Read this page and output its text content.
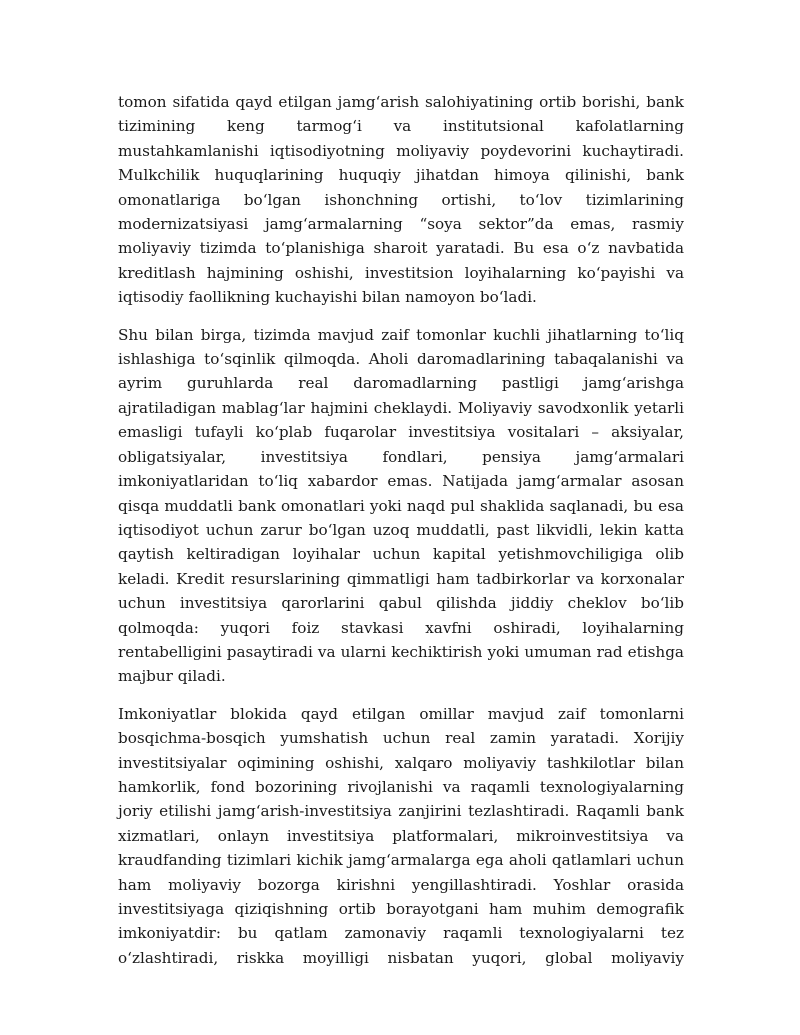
tomon sifatida qayd etilgan jamg‘arish salohiyatining ortib borishi, bank tizimining keng tarmog‘i va institutsional kafolatlarning mustahkamlanishi iqtisodiyotning moliyaviy poydevorini kuchaytiradi. Mulkchilik huquqlarining huquqiy jihatdan himoya qilinishi, bank omonatlariga bo‘lgan ishonchning ortishi, to‘lov tizimlarining modernizatsiyasi jamg‘armalarning “soya sektor”da emas, rasmiy moliyaviy tizimda to‘planishiga sharoit yaratadi. Bu esa o‘z navbatida kreditlash hajmining oshishi, investitsion loyihalarning ko‘payishi va iqtisodiy faollikning kuchayishi bilan namoyon bo‘ladi.

Shu bilan birga, tizimda mavjud zaif tomonlar kuchli jihatlarning to‘liq ishlashiga to‘sqinlik qilmoqda. Aholi daromadlarining tabaqalanishi va ayrim guruhlarda real daromadlarning pastligi jamg‘arishga ajratiladigan mablag‘lar hajmini cheklaydi. Moliyaviy savodxonlik yetarli emasligi tufayli ko‘plab fuqarolar investitsiya vositalari – aksiyalar, obligatsiyalar, investitsiya fondlari, pensiya jamg‘armalari imkoniyatlaridan to‘liq xabardor emas. Natijada jamg‘armalar asosan qisqa muddatli bank omonatlari yoki naqd pul shaklida saqlanadi, bu esa iqtisodiyot uchun zarur bo‘lgan uzoq muddatli, past likvidli, lekin katta qaytish keltiradigan loyihalar uchun kapital yetishmovchiligiga olib keladi. Kredit resurslarining qimmatligi ham tadbirkorlar va korxonalar uchun investitsiya qarorlarini qabul qilishda jiddiy cheklov bo‘lib qolmoqda: yuqori foiz stavkasi xavfni oshiradi, loyihalarning rentabelligini pasaytiradi va ularni kechiktirish yoki umuman rad etishga majbur qiladi.

Imkoniyatlar blokida qayd etilgan omillar mavjud zaif tomonlarni bosqichma-bosqich yumshatish uchun real zamin yaratadi. Xorijiy investitsiyalar oqimining oshishi, xalqaro moliyaviy tashkilotlar bilan hamkorlik, fond bozorining rivojlanishi va raqamli texnologiyalarning joriy etilishi jamg‘arish-investitsiya zanjirini tezlashtiradi. Raqamli bank xizmatlari, onlayn investitsiya platformalari, mikroinvestitsiya va kraudfanding tizimlari kichik jamg‘armalarga ega aholi qatlamlari uchun ham moliyaviy bozorga kirishni yengillashtiradi. Yoshlar orasida investitsiyaga qiziqishning ortib borayotgani ham muhim demografik imkoniyatdir: bu qatlam zamonaviy raqamli texnologiyalarni tez o‘zlashtiradi, riskka moyilligi nisbatan yuqori, global moliyaviy
